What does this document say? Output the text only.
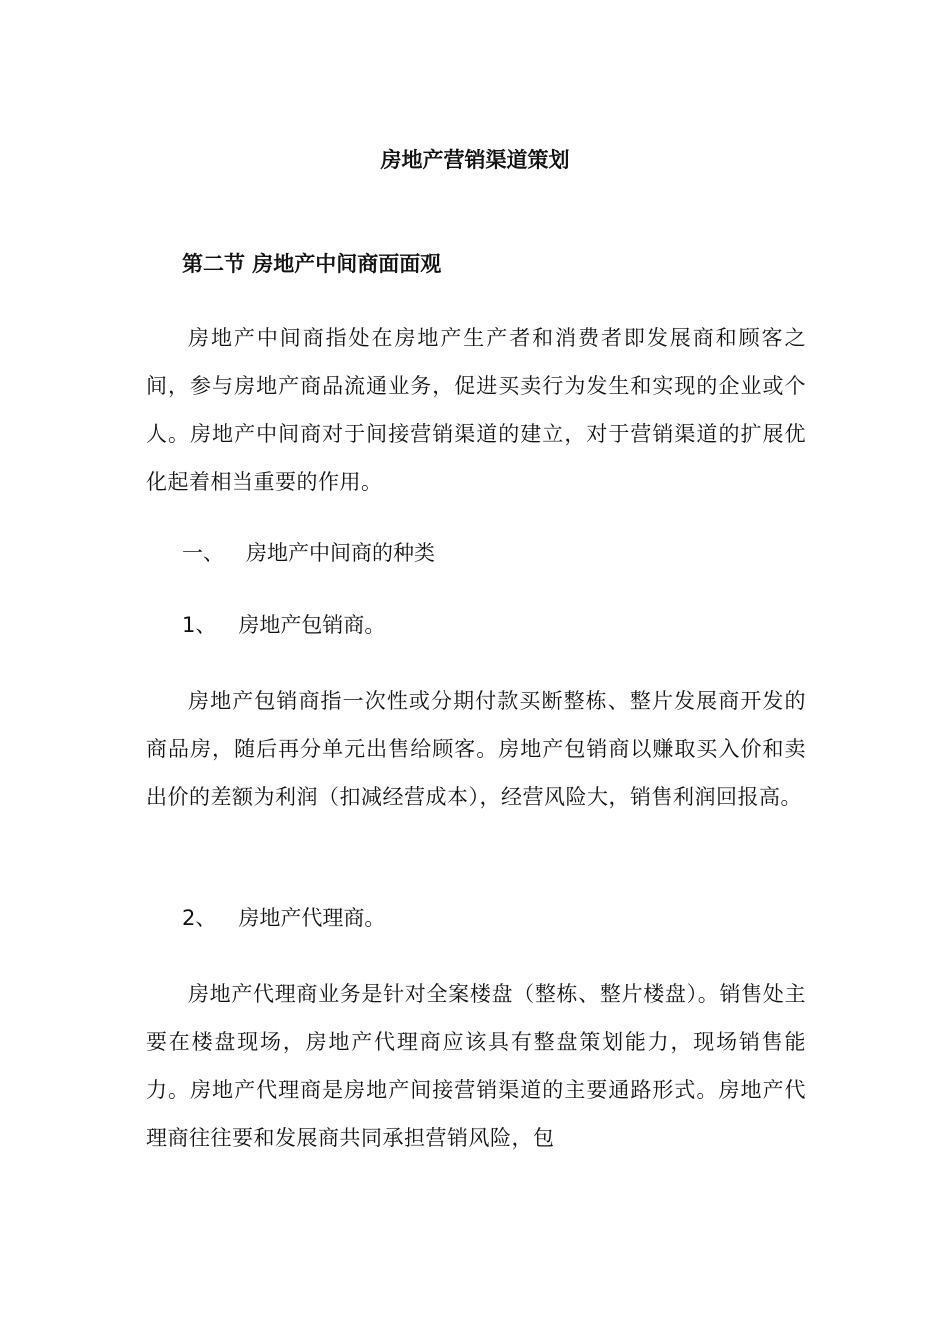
房地产营销渠道策划
第二节 房地产中间商面面观

房地产中间商指处在房地产生产者和消费者即发展商和顾客之间，参与房地产商品流通业务，促进买卖行为发生和实现的企业或个人。房地产中间商对于间接营销渠道的建立，对于营销渠道的扩展优化起着相当重要的作用。

一、 房地产中间商的种类
1、 房地产包销商。

房地产包销商指一次性或分期付款买断整栋、整片发展商开发的商品房，随后再分单元出售给顾客。房地产包销商以赚取买入价和卖出价的差额为利润（扣减经营成本），经营风险大，销售利润回报高。

2、 房地产代理商。

房地产代理商业务是针对全案楼盘（整栋、整片楼盘）。销售处主要在楼盘现场，房地产代理商应该具有整盘策划能力，现场销售能力。房地产代理商是房地产间接营销渠道的主要通路形式。房地产代理商往往要和发展商共同承担营销风险，包
